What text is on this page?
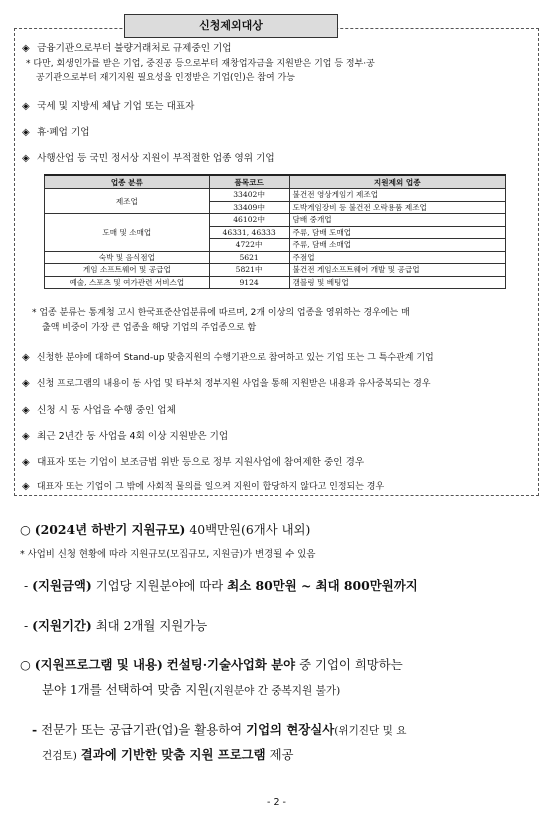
신청제외대상
◈ 금융기관으로부터 불량거래처로 규제중인 기업
* 다만, 회생인가를 받은 기업, 중진공 등으로부터 재창업자금을 지원받은 기업 등 정부·공
공기관으로부터 재기지원 필요성을 인정받은 기업(인)은 참여 가능
◈ 국세 및 지방세 체납 기업 또는 대표자
◈ 휴·폐업 기업
◈ 사행산업 등 국민 정서상 지원이 부적절한 업종 영위 기업
업종 분류	품목코드	지원제외 업종
제조업	33402中	불건전 영상게임기 제조업
	33409中	도박게임장비 등 불건전 오락용품 제조업
도매 및 소매업	46102中	담배 중개업
	46331, 46333	주류, 담배 도매업
	4722中	주류, 담배 소매업
숙박 및 음식점업	5621	주점업
게임 소프트웨어 및 공급업	5821中	불건전 게임소프트웨어 개발 및 공급업
예술, 스포츠 및 여가관련 서비스업	9124	갬블링 및 베팅업
* 업종 분류는 통계청 고시 한국표준산업분류에 따르며, 2개 이상의 업종을 영위하는 경우에는 매
출액 비중이 가장 큰 업종을 해당 기업의 주업종으로 함
◈ 신청한 분야에 대하여 Stand-up 맞춤지원의 수행기관으로 참여하고 있는 기업 또는 그 특수관계 기업
◈ 신청 프로그램의 내용이 동 사업 및 타부처 정부지원 사업을 통해 지원받은 내용과 유사중복되는 경우
◈ 신청 시 동 사업을 수행 중인 업체
◈ 최근 2년간 동 사업을 4회 이상 지원받은 기업
◈ 대표자 또는 기업이 보조금법 위반 등으로 정부 지원사업에 참여제한 중인 경우
◈ 대표자 또는 기업이 그 밖에 사회적 물의를 일으켜 지원이 합당하지 않다고 인정되는 경우
○ (2024년 하반기 지원규모) 40백만원(6개사 내외)
* 사업비 신청 현황에 따라 지원규모(모집규모, 지원금)가 변경될 수 있음
- (지원금액) 기업당 지원분야에 따라 최소 80만원 ~ 최대 800만원까지
- (지원기간) 최대 2개월 지원가능
○ (지원프로그램 및 내용) 컨설팅·기술사업화 분야 중 기업이 희망하는
분야 1개를 선택하여 맞춤 지원(지원분야 간 중복지원 불가)
- 전문가 또는 공급기관(업)을 활용하여 기업의 현장실사(위기진단 및 요
건검토) 결과에 기반한 맞춤 지원 프로그램 제공
- 2 -
